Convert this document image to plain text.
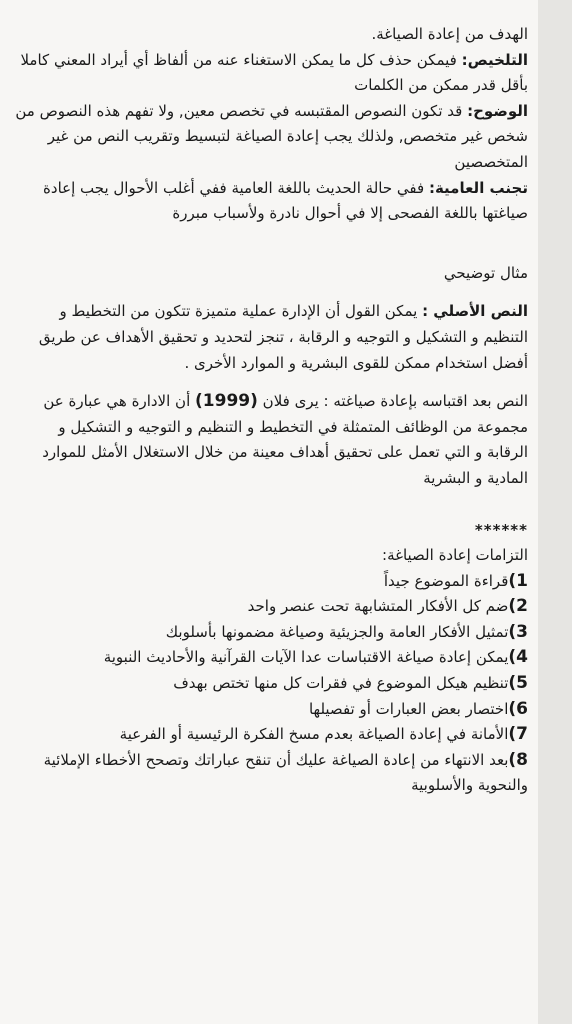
الهدف من إعادة الصياغة.

التلخيص: فيمكن حذف كل ما يمكن الاستغناء عنه من ألفاظ أي أيراد المعني كاملا بأقل قدر ممكن من الكلمات

الوضوح: قد تكون النصوص المقتبسه في تخصص معين, ولا تفهم هذه النصوص من شخص غير متخصص, ولذلك يجب إعادة الصياغة لتبسيط وتقريب النص من غير المتخصصين

تجنب العامية: ففي حالة الحديث باللغة العامية ففي أغلب الأحوال يجب إعادة صياغتها باللغة الفصحى إلا في أحوال نادرة ولأسباب مبررة

مثال توضيحي

النص الأصلي : يمكن القول أن الإدارة عملية متميزة تتكون من التخطيط و التنظيم و التشكيل و التوجيه و الرقابة ، تنجز لتحديد و تحقيق الأهداف عن طريق أفضل استخدام ممكن للقوى البشرية و الموارد الأخرى .

النص بعد اقتباسه بإعادة صياغته : يرى فلان (1999) أن الادارة هي عبارة عن مجموعة من الوظائف المتمثلة في التخطيط و التنظيم و التوجيه و التشكيل و الرقابة و التي تعمل على تحقيق أهداف معينة من خلال الاستغلال الأمثل للموارد المادية و البشرية

******

التزامات إعادة الصياغة:

1)قراءة الموضوع جيداً
2)ضم كل الأفكار المتشابهة تحت عنصر واحد
3)تمثيل الأفكار العامة والجزيئية وصياغة مضمونها بأسلوبك
4)يمكن إعادة صياغة الاقتباسات عدا الآيات القرآنية والأحاديث النبوية
5)تنظيم هيكل الموضوع في فقرات كل منها تختص بهدف
6)اختصار بعض العبارات أو تفصيلها
7)الأمانة في إعادة الصياغة بعدم مسخ الفكرة الرئيسية أو الفرعية
8)بعد الانتهاء من إعادة الصياغة عليك أن تنقح عباراتك وتصحح الأخطاء الإملائية والنحوية والأسلوبية
